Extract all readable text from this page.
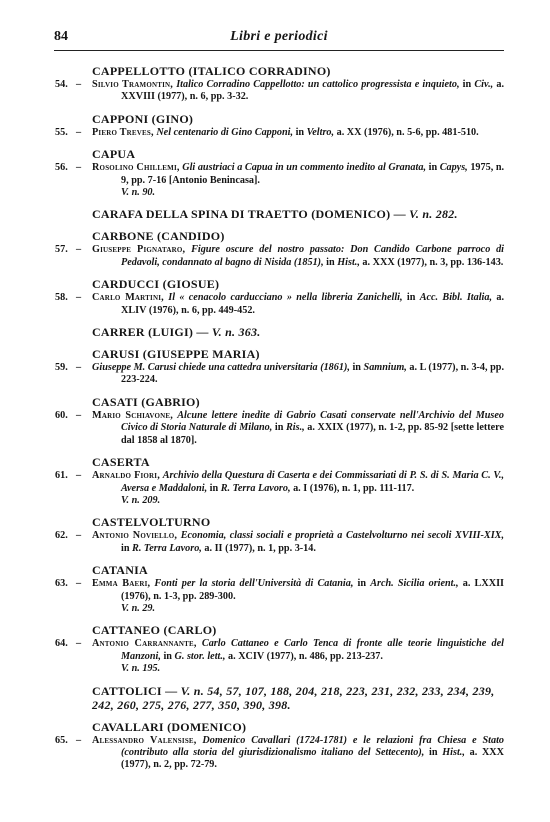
84	Libri e periodici
CAPPELLOTTO (ITALICO CORRADINO)
54. – Silvio Tramontin, Italico Corradino Cappellotto: un cattolico progressista e inquieto, in Civ., a. XXVIII (1977), n. 6, pp. 3-32.
CAPPONI (GINO)
55. – Piero Treves, Nel centenario di Gino Capponi, in Veltro, a. XX (1976), n. 5-6, pp. 481-510.
CAPUA
56. – Rosolino Chillemi, Gli austriaci a Capua in un commento inedito al Granata, in Capys, 1975, n. 9, pp. 7-16 [Antonio Benincasa].
V. n. 90.
CARAFA DELLA SPINA DI TRAETTO (DOMENICO) — V. n. 282.
CARBONE (CANDIDO)
57. – Giuseppe Pignataro, Figure oscure del nostro passato: Don Candido Carbone parroco di Pedavoli, condannato al bagno di Nisida (1851), in Hist., a. XXX (1977), n. 3, pp. 136-143.
CARDUCCI (GIOSUE)
58. – Carlo Martini, Il « cenacolo carducciano » nella libreria Zanichelli, in Acc. Bibl. Italia, a. XLIV (1976), n. 6, pp. 449-452.
CARRER (LUIGI) — V. n. 363.
CARUSI (GIUSEPPE MARIA)
59. – Giuseppe M. Carusi chiede una cattedra universitaria (1861), in Samnium, a. L (1977), n. 3-4, pp. 223-224.
CASATI (GABRIO)
60. – Mario Schiavone, Alcune lettere inedite di Gabrio Casati conservate nell'Archivio del Museo Civico di Storia Naturale di Milano, in Ris., a. XXIX (1977), n. 1-2, pp. 85-92 [sette lettere dal 1858 al 1870].
CASERTA
61. – Arnaldo Fiori, Archivio della Questura di Caserta e dei Commissariati di P. S. di S. Maria C. V., Aversa e Maddaloni, in R. Terra Lavoro, a. I (1976), n. 1, pp. 111-117.
V. n. 209.
CASTELVOLTURNO
62. – Antonio Noviello, Economia, classi sociali e proprietà a Castelvolturno nei secoli XVIII-XIX, in R. Terra Lavoro, a. II (1977), n. 1, pp. 3-14.
CATANIA
63. – Emma Baeri, Fonti per la storia dell'Università di Catania, in Arch. Sicilia orient., a. LXXII (1976), n. 1-3, pp. 289-300.
V. n. 29.
CATTANEO (CARLO)
64. – Antonio Carrannante, Carlo Cattaneo e Carlo Tenca di fronte alle teorie linguistiche del Manzoni, in G. stor. lett., a. XCIV (1977), n. 486, pp. 213-237.
V. n. 195.
CATTOLICI — V. n. 54, 57, 107, 188, 204, 218, 223, 231, 232, 233, 234, 239, 242, 260, 275, 276, 277, 350, 390, 398.
CAVALLARI (DOMENICO)
65. – Alessandro Valensise, Domenico Cavallari (1724-1781) e le relazioni fra Chiesa e Stato (contributo alla storia del giurisdizionalismo italiano del Settecento), in Hist., a. XXX (1977), n. 2, pp. 72-79.
